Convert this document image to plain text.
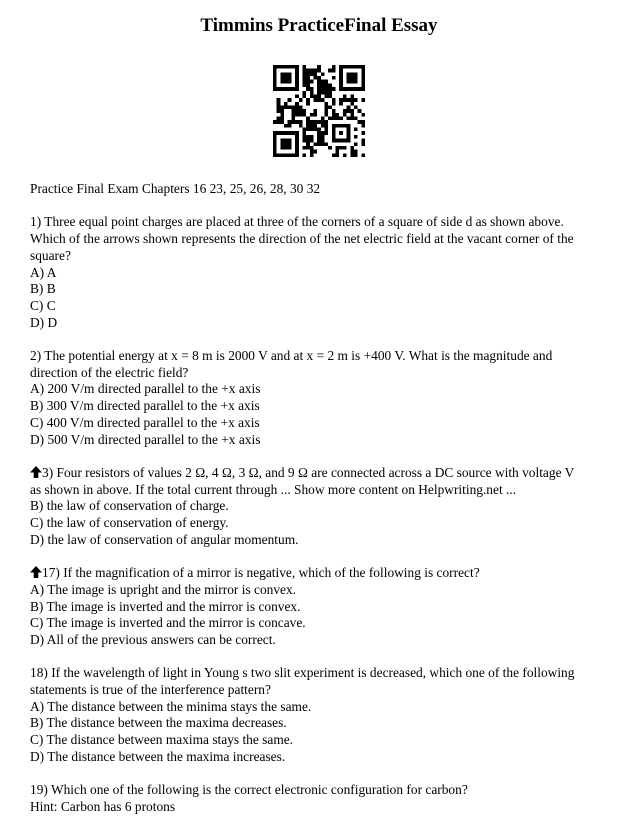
Timmins PracticeFinal Essay
Practice Final Exam Chapters 16 23, 25, 26, 28, 30 32
1) Three equal point charges are placed at three of the corners of a square of side d as shown above.
Which of the arrows shown represents the direction of the net electric field at the vacant corner of the
square?
A) A
B) B
C) C
D) D
2) The potential energy at x = 8 m is 2000 V and at x = 2 m is +400 V. What is the magnitude and
direction of the electric field?
A) 200 V/m directed parallel to the +x axis
B) 300 V/m directed parallel to the +x axis
C) 400 V/m directed parallel to the +x axis
D) 500 V/m directed parallel to the +x axis
3) Four resistors of values 2 Ω, 4 Ω, 3 Ω, and 9 Ω are connected across a DC source with voltage V
as shown in above. If the total current through ... Show more content on Helpwriting.net ...
B) the law of conservation of charge.
C) the law of conservation of energy.
D) the law of conservation of angular momentum.
17) If the magnification of a mirror is negative, which of the following is correct?
A) The image is upright and the mirror is convex.
B) The image is inverted and the mirror is convex.
C) The image is inverted and the mirror is concave.
D) All of the previous answers can be correct.
18) If the wavelength of light in Young s two slit experiment is decreased, which one of the following
statements is true of the interference pattern?
A) The distance between the minima stays the same.
B) The distance between the maxima decreases.
C) The distance between maxima stays the same.
D) The distance between the maxima increases.
19) Which one of the following is the correct electronic configuration for carbon?
Hint: Carbon has 6 protons
